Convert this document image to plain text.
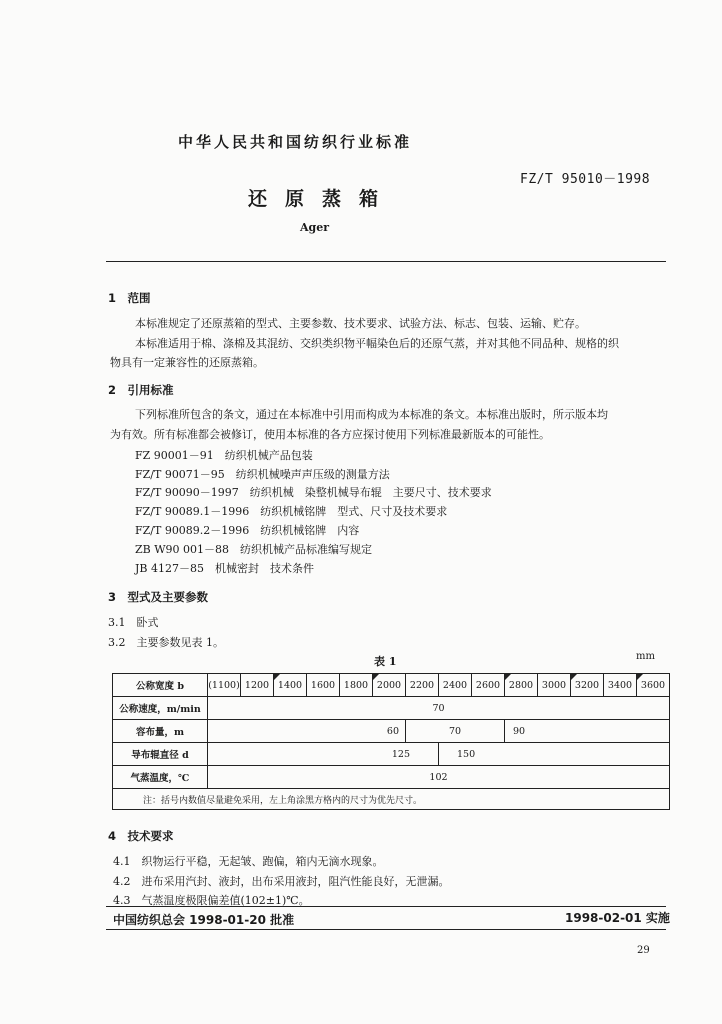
中华人民共和国纺织行业标准
FZ/T 95010－1998
还原蒸箱
Ager
1　范围
本标准规定了还原蒸箱的型式、主要参数、技术要求、试验方法、标志、包装、运输、贮存。
本标准适用于棉、涤棉及其混纺、交织类织物平幅染色后的还原气蒸，并对其他不同品种、规格的织
物具有一定兼容性的还原蒸箱。
2　引用标准
下列标准所包含的条文，通过在本标准中引用而构成为本标准的条文。本标准出版时，所示版本均
为有效。所有标准都会被修订，使用本标准的各方应探讨使用下列标准最新版本的可能性。
FZ 90001－91　纺织机械产品包装
FZ/T 90071－95　纺织机械噪声声压级的测量方法
FZ/T 90090－1997　纺织机械　染整机械导布辊　主要尺寸、技术要求
FZ/T 90089.1－1996　纺织机械铭牌　型式、尺寸及技术要求
FZ/T 90089.2－1996　纺织机械铭牌　内容
ZB W90 001－88　纺织机械产品标准编写规定
JB 4127－85　机械密封　技术条件
3　型式及主要参数
3.1　卧式
3.2　主要参数见表 1。
表 1	mm
公称宽度 b	(1100)	1200	1400	1600	1800	2000	2200	2400	2600	2800	3000	3200	3400	3600
公称速度，m/min	70													
容布量，m	60						70			90				
导布辊直径 d	125							150						
气蒸温度，℃	102													
注：括号内数值尽量避免采用，左上角涂黑方格内的尺寸为优先尺寸。														
4　技术要求
4.1　织物运行平稳，无起皱、跑偏，箱内无滴水现象。
4.2　进布采用汽封、液封，出布采用液封，阻汽性能良好，无泄漏。
4.3　气蒸温度极限偏差值(102±1)℃。
中国纺织总会 1998-01-20 批准	1998-02-01 实施
29
